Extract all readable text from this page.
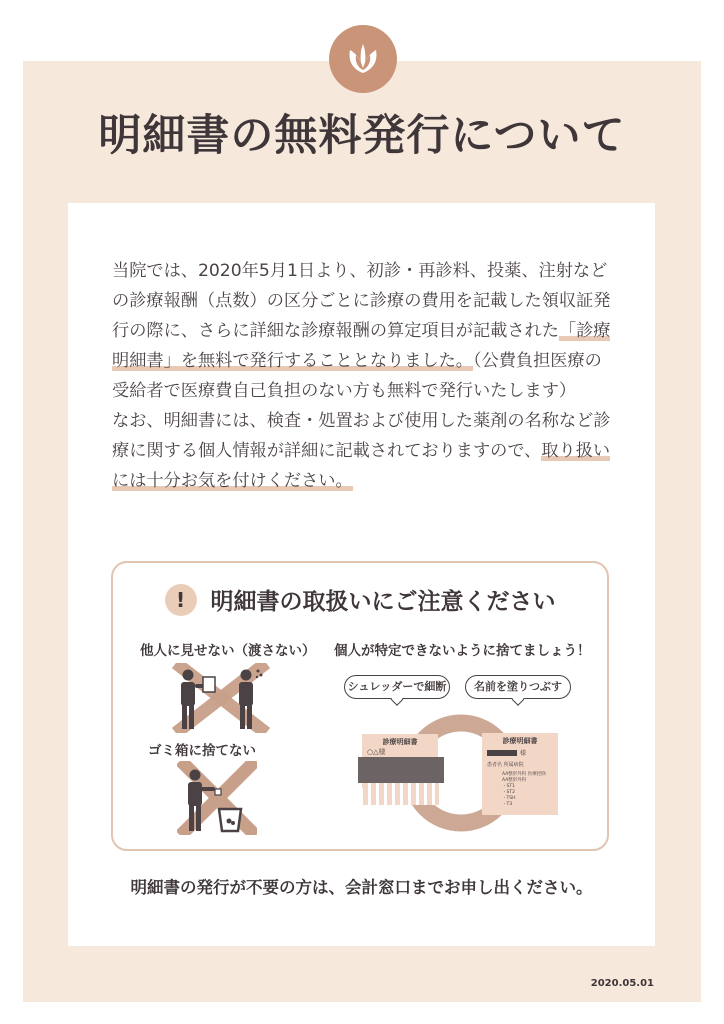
明細書の無料発行について

当院では、2020年5月1日より、初診・再診料、投薬、注射などの診療報酬（点数）の区分ごとに診療の費用を記載した領収証発行の際に、さらに詳細な診療報酬の算定項目が記載された「診療明細書」を無料で発行することとなりました。（公費負担医療の受給者で医療費自己負担のない方も無料で発行いたします）

なお、明細書には、検査・処置および使用した薬剤の名称など診療に関する個人情報が詳細に記載されておりますので、取り扱いには十分お気を付けください。

!	明細書の取扱いにご注意ください
他人に見せない（渡さない） 個人が特定できないように捨てましょう！
ゴミ箱に捨てない
シュレッダーで細断	名前を塗りつぶす
診療明細書
○△様
診療明細書
様
患者名 所属病院
AA整形外科 医療控除
AA整形外科
・ST1
・ST2
・TSH
・T3
明細書の発行が不要の方は、会計窓口までお申し出ください。
2020.05.01
